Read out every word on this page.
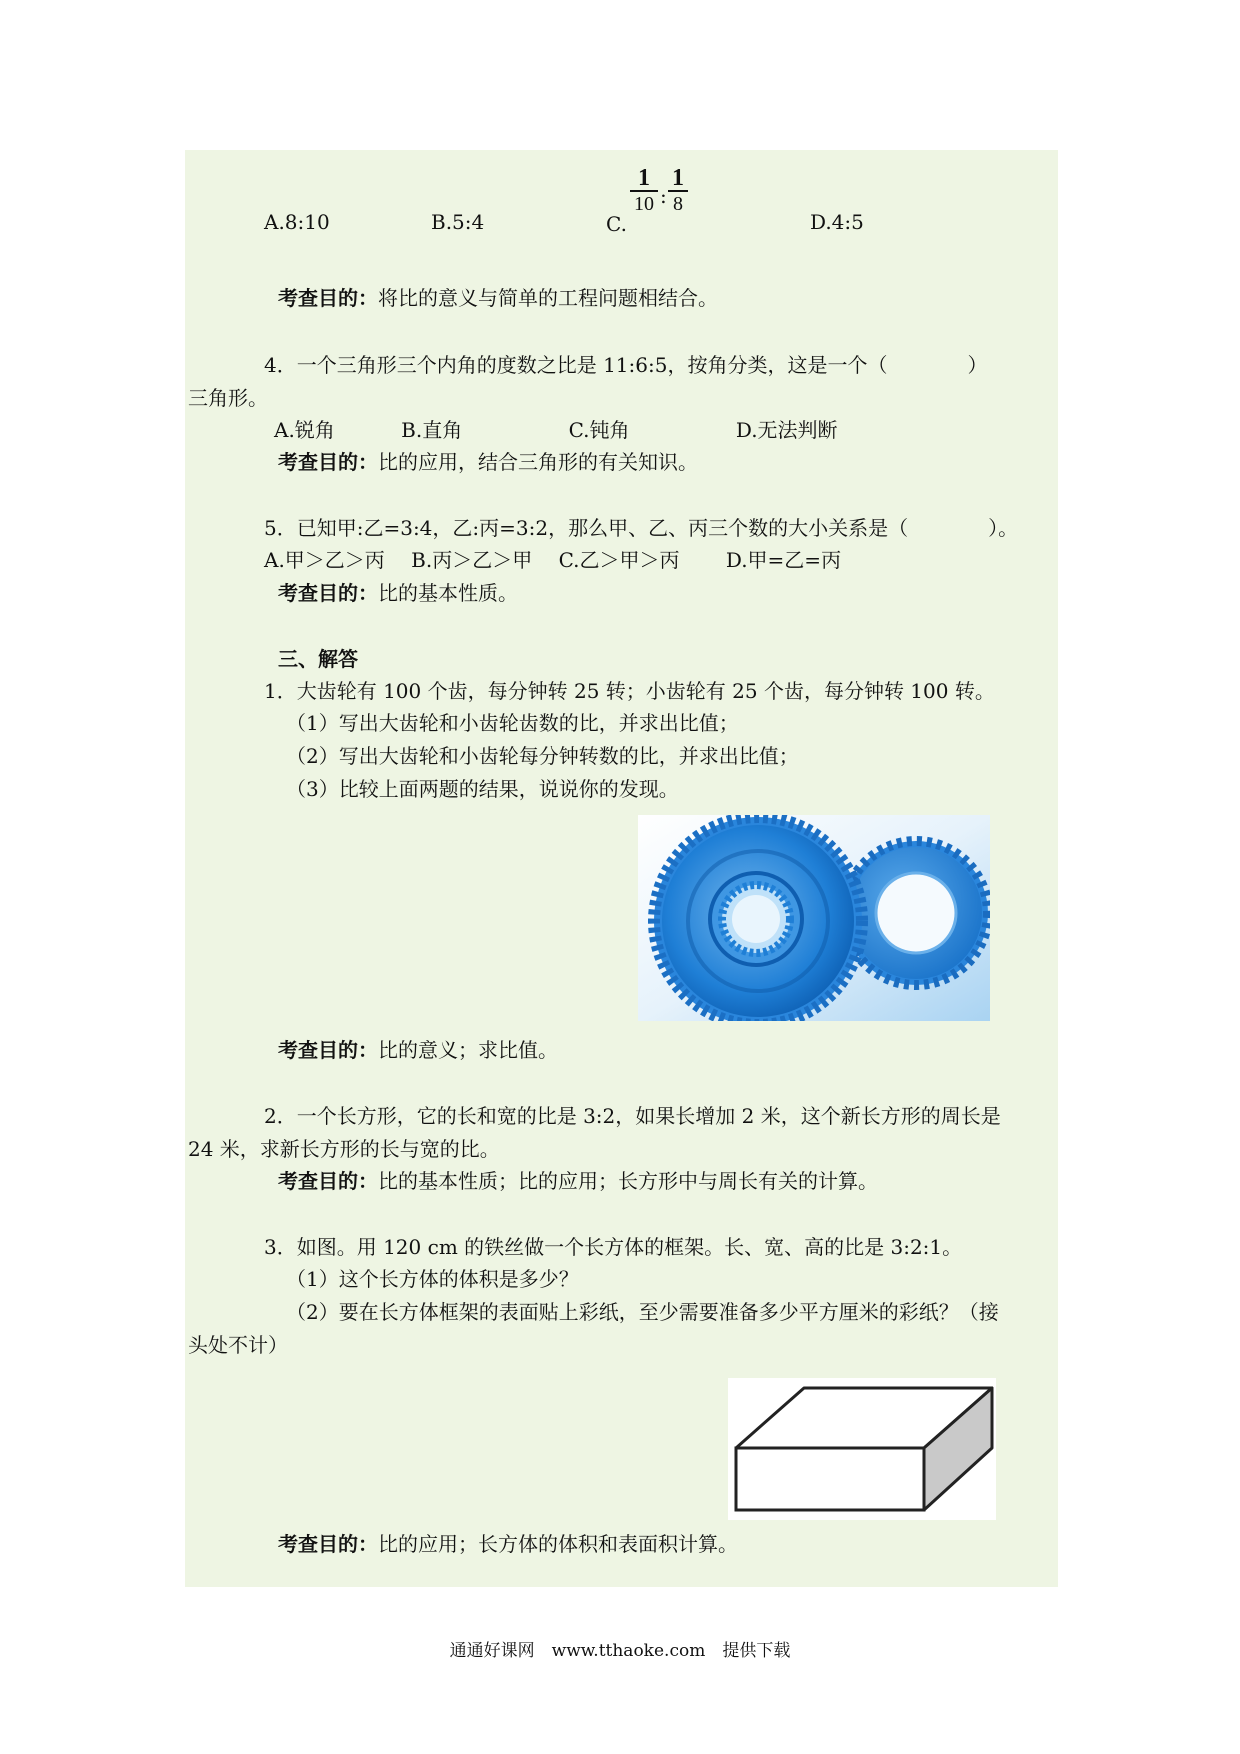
A.8:10	B.5:4	C.
1
10 :
1
8
D.4:5
考查目的：将比的意义与简单的工程问题相结合。
4．一个三角形三个内角的度数之比是 11:6:5，按角分类，这是一个（　　　　）
三角形。
A.锐角　　　 B.直角　　　　　 C.钝角　　　　　 D.无法判断
考查目的：比的应用，结合三角形的有关知识。
5．已知甲:乙=3:4，乙:丙=3:2，那么甲、乙、丙三个数的大小关系是（　　　　）。
A.甲＞乙＞丙　 B.丙＞乙＞甲　 C.乙＞甲＞丙　　 D.甲=乙=丙
考查目的：比的基本性质。
三、解答
1．大齿轮有 100 个齿，每分钟转 25 转；小齿轮有 25 个齿，每分钟转 100 转。
（1）写出大齿轮和小齿轮齿数的比，并求出比值；
（2）写出大齿轮和小齿轮每分钟转数的比，并求出比值；
（3）比较上面两题的结果，说说你的发现。
考查目的：比的意义；求比值。
2．一个长方形，它的长和宽的比是 3:2，如果长增加 2 米，这个新长方形的周长是
24 米，求新长方形的长与宽的比。
考查目的：比的基本性质；比的应用；长方形中与周长有关的计算。
3．如图。用 120 cm 的铁丝做一个长方体的框架。长、宽、高的比是 3:2:1。
（1）这个长方体的体积是多少？
（2）要在长方体框架的表面贴上彩纸，至少需要准备多少平方厘米的彩纸？（接
头处不计）
考查目的：比的应用；长方体的体积和表面积计算。
通通好课网　www.tthaoke.com　提供下载
